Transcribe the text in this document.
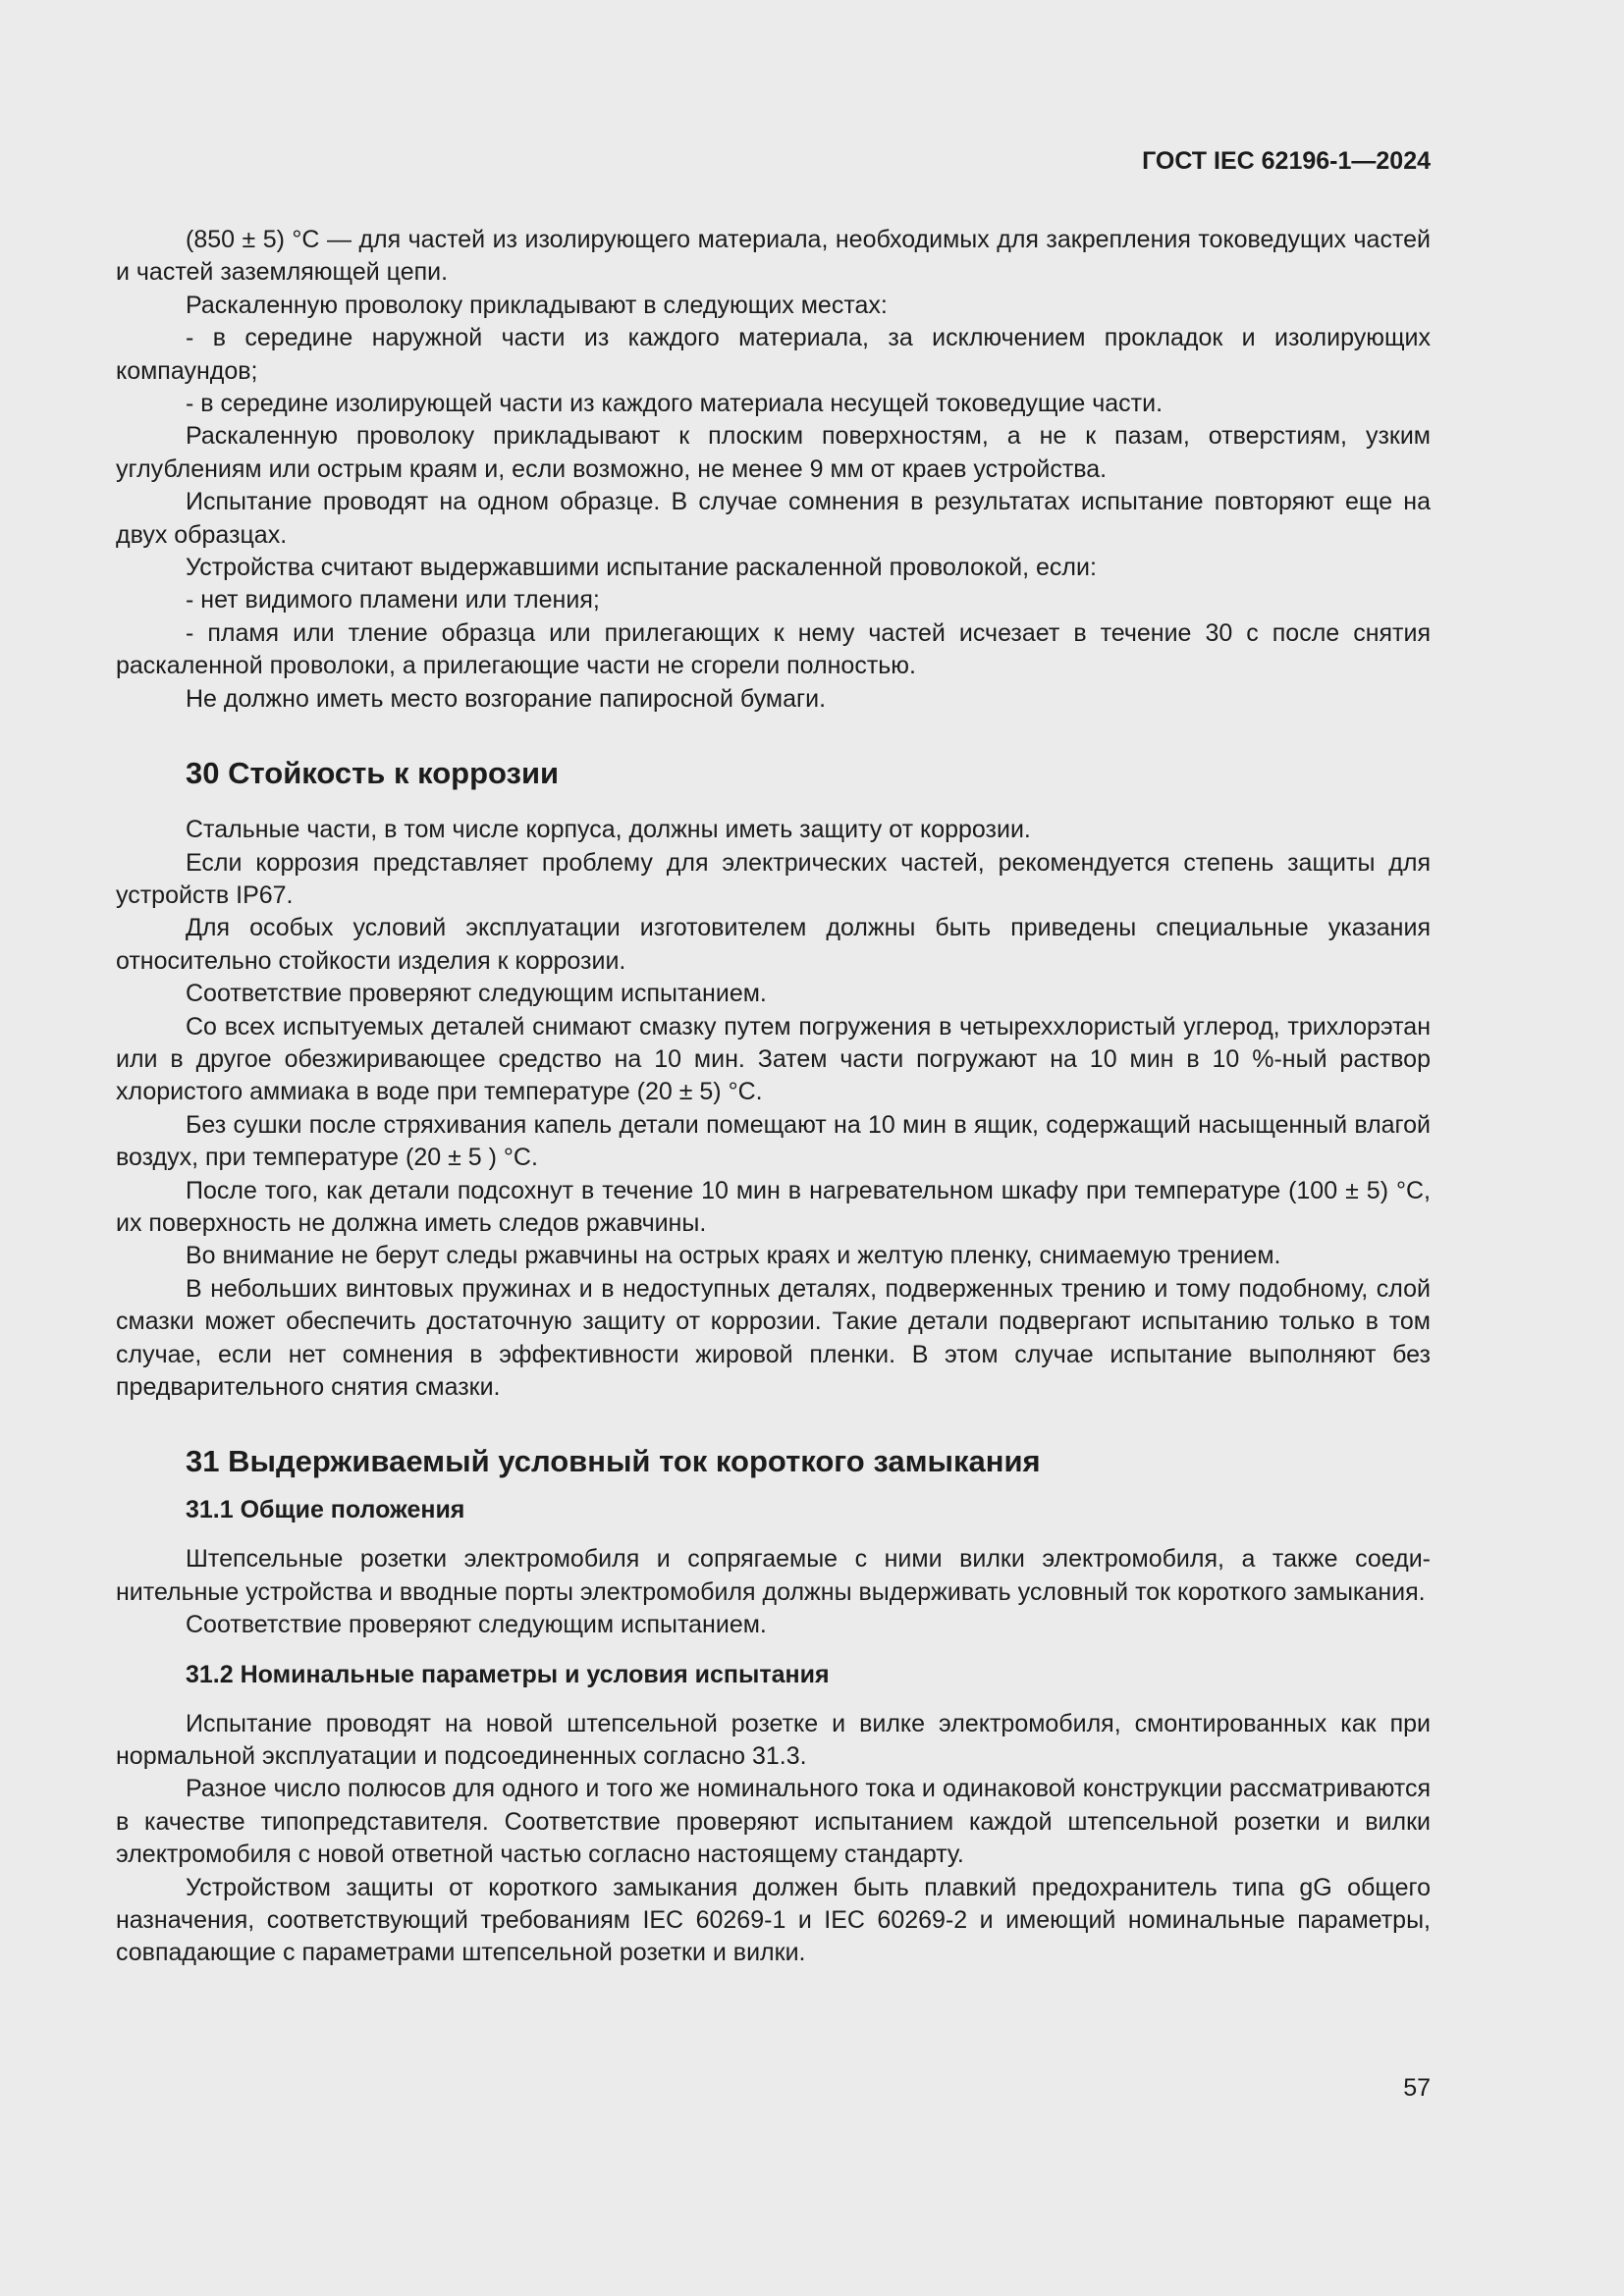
ГОСТ IEC 62196-1—2024

(850 ± 5) °C — для частей из изолирующего материала, необходимых для закрепления токоведущих частей и частей заземляющей цепи.

Раскаленную проволоку прикладывают в следующих местах:

- в середине наружной части из каждого материала, за исключением прокладок и изолирующих компаундов;

- в середине изолирующей части из каждого материала несущей токоведущие части.

Раскаленную проволоку прикладывают к плоским поверхностям, а не к пазам, отверстиям, узким углублениям или острым краям и, если возможно, не менее 9 мм от краев устройства.

Испытание проводят на одном образце. В случае сомнения в результатах испытание повторяют еще на двух образцах.

Устройства считают выдержавшими испытание раскаленной проволокой, если:

- нет видимого пламени или тления;

- пламя или тление образца или прилегающих к нему частей исчезает в течение 30 с после снятия раскаленной проволоки, а прилегающие части не сгорели полностью.

Не должно иметь место возгорание папиросной бумаги.

30 Стойкость к коррозии

Стальные части, в том числе корпуса, должны иметь защиту от коррозии.

Если коррозия представляет проблему для электрических частей, рекомендуется степень защиты для устройств IP67.

Для особых условий эксплуатации изготовителем должны быть приведены специальные указания относительно стойкости изделия к коррозии.

Соответствие проверяют следующим испытанием.

Со всех испытуемых деталей снимают смазку путем погружения в четыреххлористый углерод, трихлорэтан или в другое обезжиривающее средство на 10 мин. Затем части погружают на 10 мин в 10 %-ный раствор хлористого аммиака в воде при температуре (20 ± 5) °C.

Без сушки после стряхивания капель детали помещают на 10 мин в ящик, содержащий насыщенный влагой воздух, при температуре (20 ± 5 ) °C.

После того, как детали подсохнут в течение 10 мин в нагревательном шкафу при температуре (100 ± 5) °C, их поверхность не должна иметь следов ржавчины.

Во внимание не берут следы ржавчины на острых краях и желтую пленку, снимаемую трением.

В небольших винтовых пружинах и в недоступных деталях, подверженных трению и тому подобному, слой смазки может обеспечить достаточную защиту от коррозии. Такие детали подвергают испытанию только в том случае, если нет сомнения в эффективности жировой пленки. В этом случае испытание выполняют без предварительного снятия смазки.

31 Выдерживаемый условный ток короткого замыкания
31.1 Общие положения

Штепсельные розетки электромобиля и сопрягаемые с ними вилки электромобиля, а также соединительные устройства и вводные порты электромобиля должны выдерживать условный ток короткого замыкания.

Соответствие проверяют следующим испытанием.

31.2 Номинальные параметры и условия испытания

Испытание проводят на новой штепсельной розетке и вилке электромобиля, смонтированных как при нормальной эксплуатации и подсоединенных согласно 31.3.

Разное число полюсов для одного и того же номинального тока и одинаковой конструкции рассматриваются в качестве типопредставителя. Соответствие проверяют испытанием каждой штепсельной розетки и вилки электромобиля с новой ответной частью согласно настоящему стандарту.

Устройством защиты от короткого замыкания должен быть плавкий предохранитель типа gG общего назначения, соответствующий требованиям IEC 60269-1 и IEC 60269-2 и имеющий номинальные параметры, совпадающие с параметрами штепсельной розетки и вилки.

57
